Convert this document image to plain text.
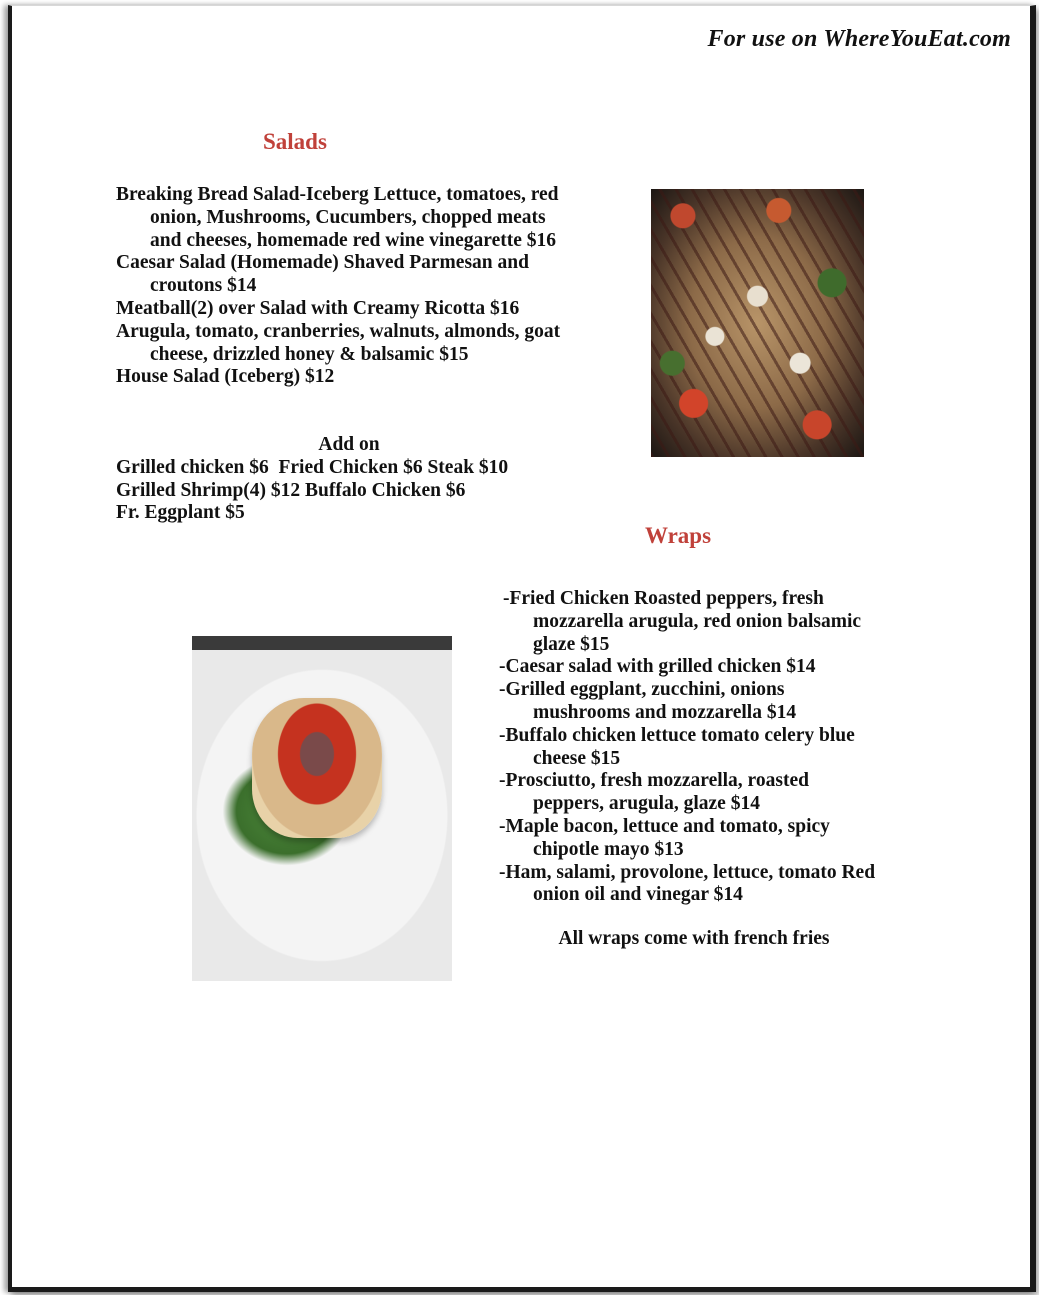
For use on WhereYouEat.com
Salads

Breaking Bread Salad-Iceberg Lettuce, tomatoes, red onion, Mushrooms, Cucumbers, chopped meats and cheeses, homemade red wine vinegarette $16

Caesar Salad (Homemade) Shaved Parmesan and croutons $14

Meatball(2) over Salad with Creamy Ricotta $16

Arugula, tomato, cranberries, walnuts, almonds, goat cheese, drizzled honey & balsamic $15

House Salad (Iceberg) $12

Add on

Grilled chicken $6  Fried Chicken $6 Steak $10

Grilled Shrimp(4) $12 Buffalo Chicken $6

Fr. Eggplant $5

Wraps

-Fried Chicken Roasted peppers, fresh mozzarella arugula, red onion balsamic glaze $15

-Caesar salad with grilled chicken $14

-Grilled eggplant, zucchini, onions mushrooms and mozzarella $14

-Buffalo chicken lettuce tomato celery blue cheese $15

-Prosciutto, fresh mozzarella, roasted peppers, arugula, glaze $14

-Maple bacon, lettuce and tomato, spicy chipotle mayo $13

-Ham, salami, provolone, lettuce, tomato Red onion oil and vinegar $14

All wraps come with french fries
